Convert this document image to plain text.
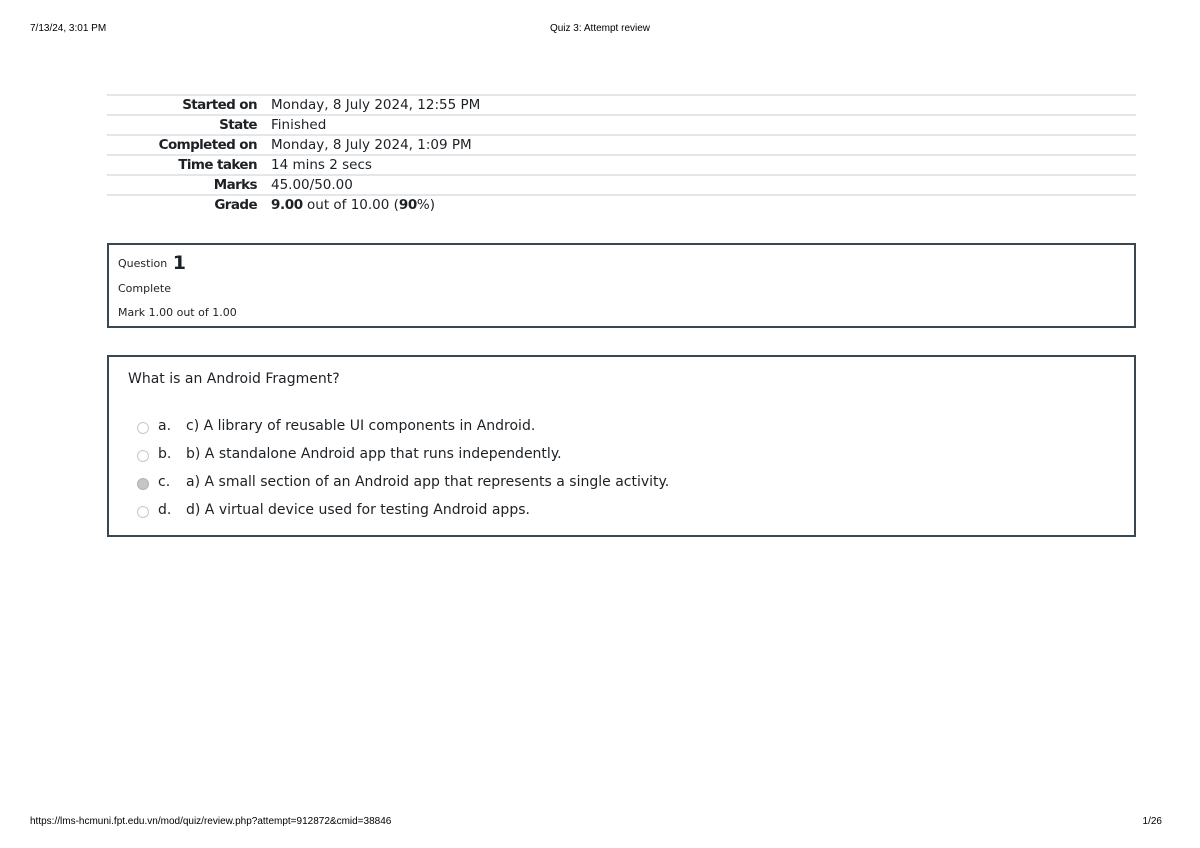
7/13/24, 3:01 PM	Quiz 3: Attempt review
Started on	Monday, 8 July 2024, 12:55 PM
State	Finished
Completed on	Monday, 8 July 2024, 1:09 PM
Time taken	14 mins 2 secs
Marks	45.00/50.00
Grade	9.00 out of 10.00 (90%)
Question 1
Complete
Mark 1.00 out of 1.00
What is an Android Fragment?
a.	c) A library of reusable UI components in Android.
b.	b) A standalone Android app that runs independently.
c.	a) A small section of an Android app that represents a single activity.
d.	d) A virtual device used for testing Android apps.
https://lms-hcmuni.fpt.edu.vn/mod/quiz/review.php?attempt=912872&cmid=38846	1/26
